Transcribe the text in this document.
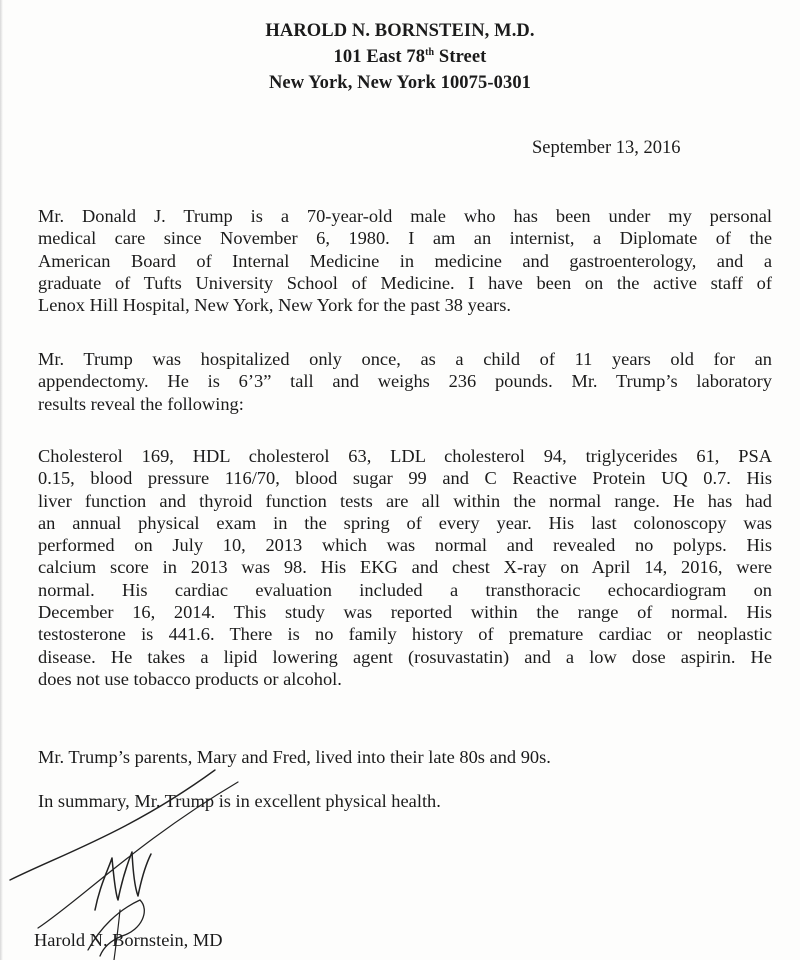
HAROLD N. BORNSTEIN, M.D.
101 East 78th Street
New York, New York 10075-0301
September 13, 2016
Mr. Donald J. Trump is a 70-year-old male who has been under my personal
medical care since November 6, 1980. I am an internist, a Diplomate of the
American Board of Internal Medicine in medicine and gastroenterology, and a
graduate of Tufts University School of Medicine. I have been on the active staff of
Lenox Hill Hospital, New York, New York for the past 38 years.
Mr. Trump was hospitalized only once, as a child of 11 years old for an
appendectomy. He is 6’3” tall and weighs 236 pounds. Mr. Trump’s laboratory
results reveal the following:
Cholesterol 169, HDL cholesterol 63, LDL cholesterol 94, triglycerides 61, PSA
0.15, blood pressure 116/70, blood sugar 99 and C Reactive Protein UQ 0.7. His
liver function and thyroid function tests are all within the normal range. He has had
an annual physical exam in the spring of every year. His last colonoscopy was
performed on July 10, 2013 which was normal and revealed no polyps. His
calcium score in 2013 was 98. His EKG and chest X-ray on April 14, 2016, were
normal. His cardiac evaluation included a transthoracic echocardiogram on
December 16, 2014. This study was reported within the range of normal. His
testosterone is 441.6. There is no family history of premature cardiac or neoplastic
disease. He takes a lipid lowering agent (rosuvastatin) and a low dose aspirin. He
does not use tobacco products or alcohol.
Mr. Trump’s parents, Mary and Fred, lived into their late 80s and 90s.
In summary, Mr. Trump is in excellent physical health.
Harold N. Bornstein, MD
